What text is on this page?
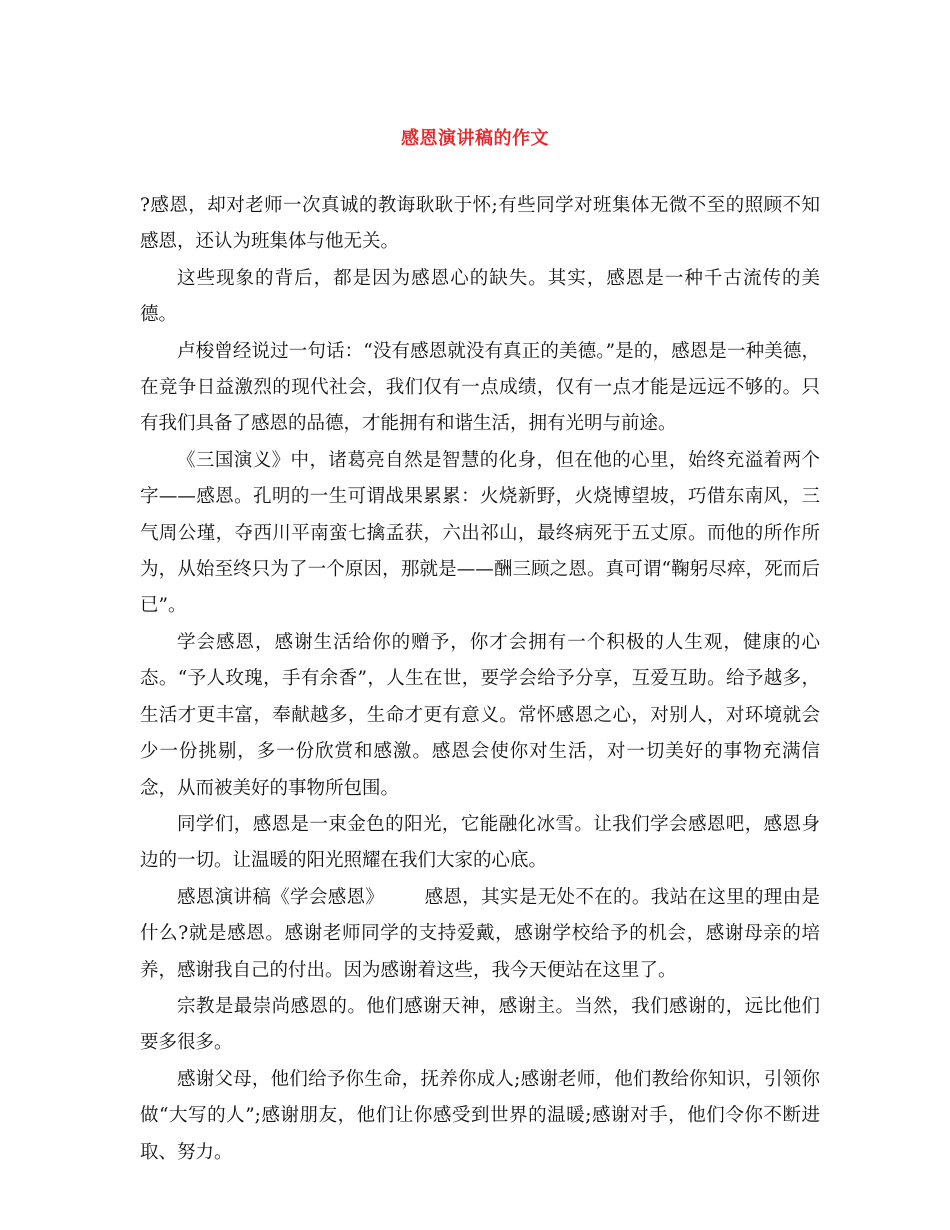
感恩演讲稿的作文

?感恩，却对老师一次真诚的教诲耿耿于怀;有些同学对班集体无微不至的照顾不知感恩，还认为班集体与他无关。

这些现象的背后，都是因为感恩心的缺失。其实，感恩是一种千古流传的美德。

卢梭曾经说过一句话：“没有感恩就没有真正的美德。”是的，感恩是一种美德，在竞争日益激烈的现代社会，我们仅有一点成绩，仅有一点才能是远远不够的。只有我们具备了感恩的品德，才能拥有和谐生活，拥有光明与前途。

《三国演义》中，诸葛亮自然是智慧的化身，但在他的心里，始终充溢着两个字——感恩。孔明的一生可谓战果累累：火烧新野，火烧博望坡，巧借东南风，三气周公瑾，夺西川平南蛮七擒孟获，六出祁山，最终病死于五丈原。而他的所作所为，从始至终只为了一个原因，那就是——酬三顾之恩。真可谓“鞠躬尽瘁，死而后已”。

学会感恩，感谢生活给你的赠予，你才会拥有一个积极的人生观，健康的心态。“予人玫瑰，手有余香”，人生在世，要学会给予分享，互爱互助。给予越多，生活才更丰富，奉献越多，生命才更有意义。常怀感恩之心，对别人，对环境就会少一份挑剔，多一份欣赏和感激。感恩会使你对生活，对一切美好的事物充满信念，从而被美好的事物所包围。

同学们，感恩是一束金色的阳光，它能融化冰雪。让我们学会感恩吧，感恩身边的一切。让温暖的阳光照耀在我们大家的心底。

感恩演讲稿《学会感恩》 感恩，其实是无处不在的。我站在这里的理由是什么?就是感恩。感谢老师同学的支持爱戴，感谢学校给予的机会，感谢母亲的培养，感谢我自己的付出。因为感谢着这些，我今天便站在这里了。

宗教是最崇尚感恩的。他们感谢天神，感谢主。当然，我们感谢的，远比他们要多很多。

感谢父母，他们给予你生命，抚养你成人;感谢老师，他们教给你知识，引领你做“大写的人”;感谢朋友，他们让你感受到世界的温暖;感谢对手，他们令你不断进取、努力。
